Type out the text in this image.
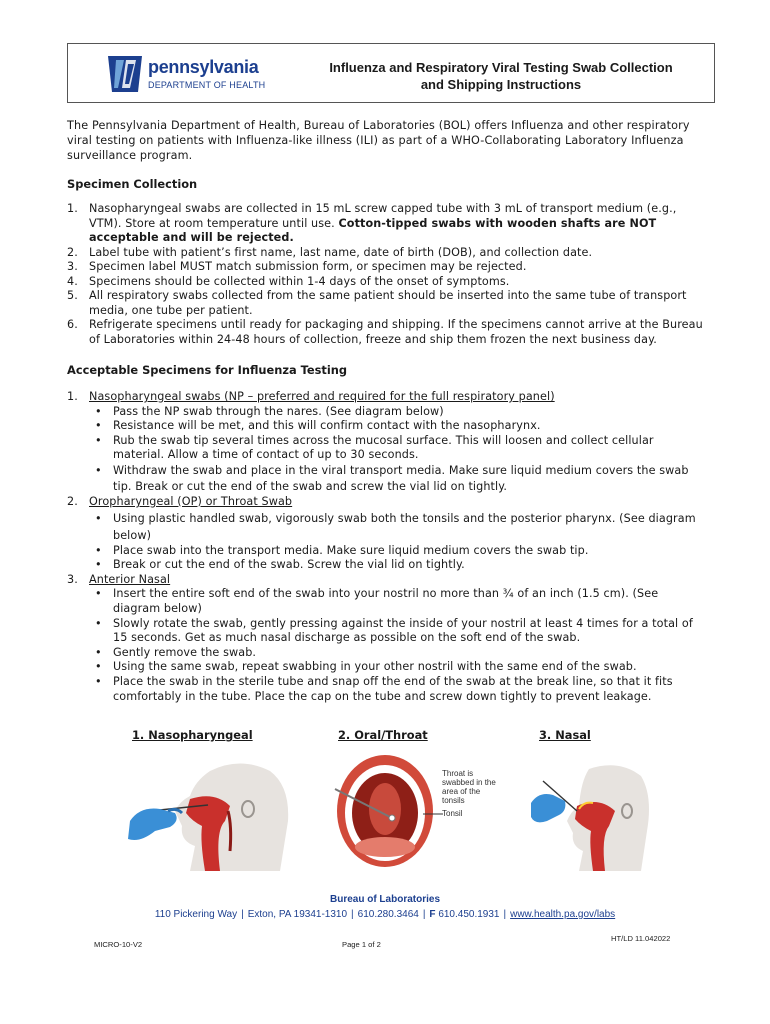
pennsylvania
DEPARTMENT OF HEALTH
Influenza and Respiratory Viral Testing Swab Collection
and Shipping Instructions
The Pennsylvania Department of Health, Bureau of Laboratories (BOL) offers Influenza and other respiratory viral testing on patients with Influenza-like illness (ILI) as part of a WHO-Collaborating Laboratory Influenza surveillance program.
Specimen Collection
1. Nasopharyngeal swabs are collected in 15 mL screw capped tube with 3 mL of transport medium (e.g., VTM). Store at room temperature until use. Cotton-tipped swabs with wooden shafts are NOT acceptable and will be rejected.
2. Label tube with patient’s first name, last name, date of birth (DOB), and collection date.
3. Specimen label MUST match submission form, or specimen may be rejected.
4. Specimens should be collected within 1-4 days of the onset of symptoms.
5. All respiratory swabs collected from the same patient should be inserted into the same tube of transport media, one tube per patient.
6. Refrigerate specimens until ready for packaging and shipping. If the specimens cannot arrive at the Bureau of Laboratories within 24-48 hours of collection, freeze and ship them frozen the next business day.
Acceptable Specimens for Influenza Testing
1. Nasopharyngeal swabs (NP – preferred and required for the full respiratory panel)
• Pass the NP swab through the nares. (See diagram below)
• Resistance will be met, and this will confirm contact with the nasopharynx.
• Rub the swab tip several times across the mucosal surface. This will loosen and collect cellular material. Allow a time of contact of up to 30 seconds.
• Withdraw the swab and place in the viral transport media. Make sure liquid medium covers the swab tip. Break or cut the end of the swab and screw the vial lid on tightly.
2. Oropharyngeal (OP) or Throat Swab
• Using plastic handled swab, vigorously swab both the tonsils and the posterior pharynx. (See diagram below)
• Place swab into the transport media. Make sure liquid medium covers the swab tip.
• Break or cut the end of the swab. Screw the vial lid on tightly.
3. Anterior Nasal
• Insert the entire soft end of the swab into your nostril no more than ¾ of an inch (1.5 cm). (See diagram below)
• Slowly rotate the swab, gently pressing against the inside of your nostril at least 4 times for a total of 15 seconds. Get as much nasal discharge as possible on the soft end of the swab.
• Gently remove the swab.
• Using the same swab, repeat swabbing in your other nostril with the same end of the swab.
• Place the swab in the sterile tube and snap off the end of the swab at the break line, so that it fits comfortably in the tube. Place the cap on the tube and screw down tightly to prevent leakage.
1. Nasopharyngeal	2. Oral/Throat
Throat is swabbed in the area of the tonsils
Tonsil
3. Nasal
Bureau of Laboratories
110 Pickering Way | Exton, PA 19341-1310 | 610.280.3464 | F 610.450.1931 | www.health.pa.gov/labs
MICRO-10-V2	Page 1 of 2
HT/LD 11.042022
